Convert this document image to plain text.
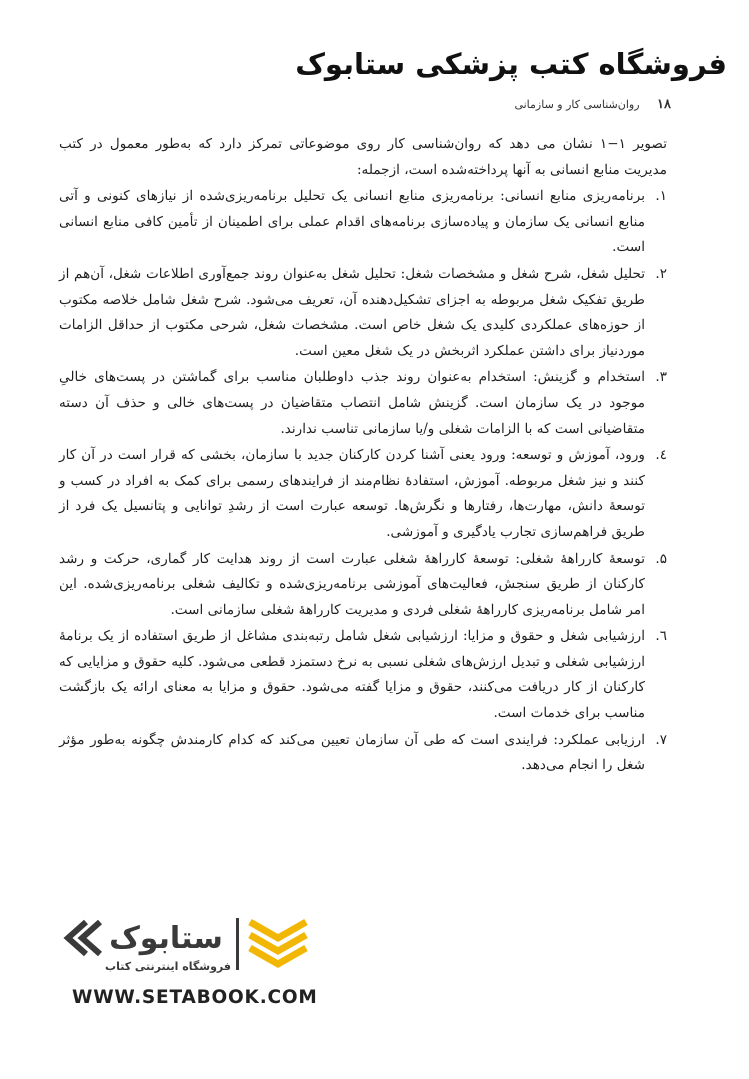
فروشگاه کتب پزشکی ستابوک
۱۸ روان‌شناسی کار و سازمانی

تصویر ۱−۱ نشان می دهد که روان‌شناسی کار روی موضوعاتی تمرکز دارد که به‌طور معمول در کتب مدیریت منابع انسانی به آنها پرداخته‌شده است، ازجمله:

۱.
برنامه‌ریزی منابع انسانی: برنامه‌ریزی منابع انسانی یک تحلیل برنامه‌ریزی‌شده از نیازهای کنونی و آتی منابع انسانی یک سازمان و پیاده‌سازی برنامه‌های اقدام عملی برای اطمینان از تأمین کافی منابع انسانی است.
۲.
تحلیل شغل، شرح شغل و مشخصات شغل: تحلیل شغل به‌عنوان روند جمع‌آوری اطلاعات شغل، آن‌هم از طریق تفکیک شغل مربوطه به اجزای تشکیل‌دهنده آن، تعریف می‌شود. شرح شغل شامل خلاصه مکتوب از حوزه‌های عملکردی کلیدی یک شغل خاص است. مشخصات شغل، شرحی مکتوب از حداقل الزامات موردنیاز برای داشتن عملکرد اثربخش در یک شغل معین است.
۳.
استخدام و گزینش: استخدام به‌عنوان روند جذب داوطلبان مناسب برای گماشتن در پست‌های خالیِ موجود در یک سازمان است. گزینش شامل انتصاب متقاضیان در پست‌های خالی و حذف آن دسته متقاضیانی است که با الزامات شغلی و/یا سازمانی تناسب ندارند.
٤.
ورود، آموزش و توسعه: ورود یعنی آشنا کردن کارکنان جدید با سازمان، بخشی که قرار است در آن کار کنند و نیز شغل مربوطه. آموزش، استفادهٔ نظام‌مند از فرایندهای رسمی برای کمک به افراد در کسب و توسعهٔ دانش، مهارت‌ها، رفتارها و نگرش‌ها. توسعه عبارت است از رشدِ توانایی و پتانسیل یک فرد از طریق فراهم‌سازی تجارب یادگیری و آموزشی.
۵.
توسعهٔ کارراههٔ شغلی: توسعهٔ کارراههٔ شغلی عبارت است از روند هدایت کار گماری، حرکت و رشد کارکنان از طریق سنجش، فعالیت‌های آموزشی برنامه‌ریزی‌شده و تکالیف شغلی برنامه‌ریزی‌شده. این امر شامل برنامه‌ریزی کارراههٔ شغلی فردی و مدیریت کارراههٔ شغلی سازمانی است.
٦.
ارزشیابی شغل و حقوق و مزایا: ارزشیابی شغل شامل رتبه‌بندی مشاغل از طریق استفاده از یک برنامهٔ ارزشیابی شغلی و تبدیل ارزش‌های شغلی نسبی به نرخ دستمزد قطعی می‌شود. کلیه حقوق و مزایایی که کارکنان از کار دریافت می‌کنند، حقوق و مزایا گفته می‌شود. حقوق و مزایا به معنای ارائه یک بازگشت مناسب برای خدمات است.
۷.
ارزیابی عملکرد: فرایندی است که طی آن سازمان تعیین می‌کند که کدام کارمندش چگونه به‌طور مؤثر شغل را انجام می‌دهد.
ستابوک
فروشگاه اینترنتی کتاب
WWW.SETABOOK.COM
